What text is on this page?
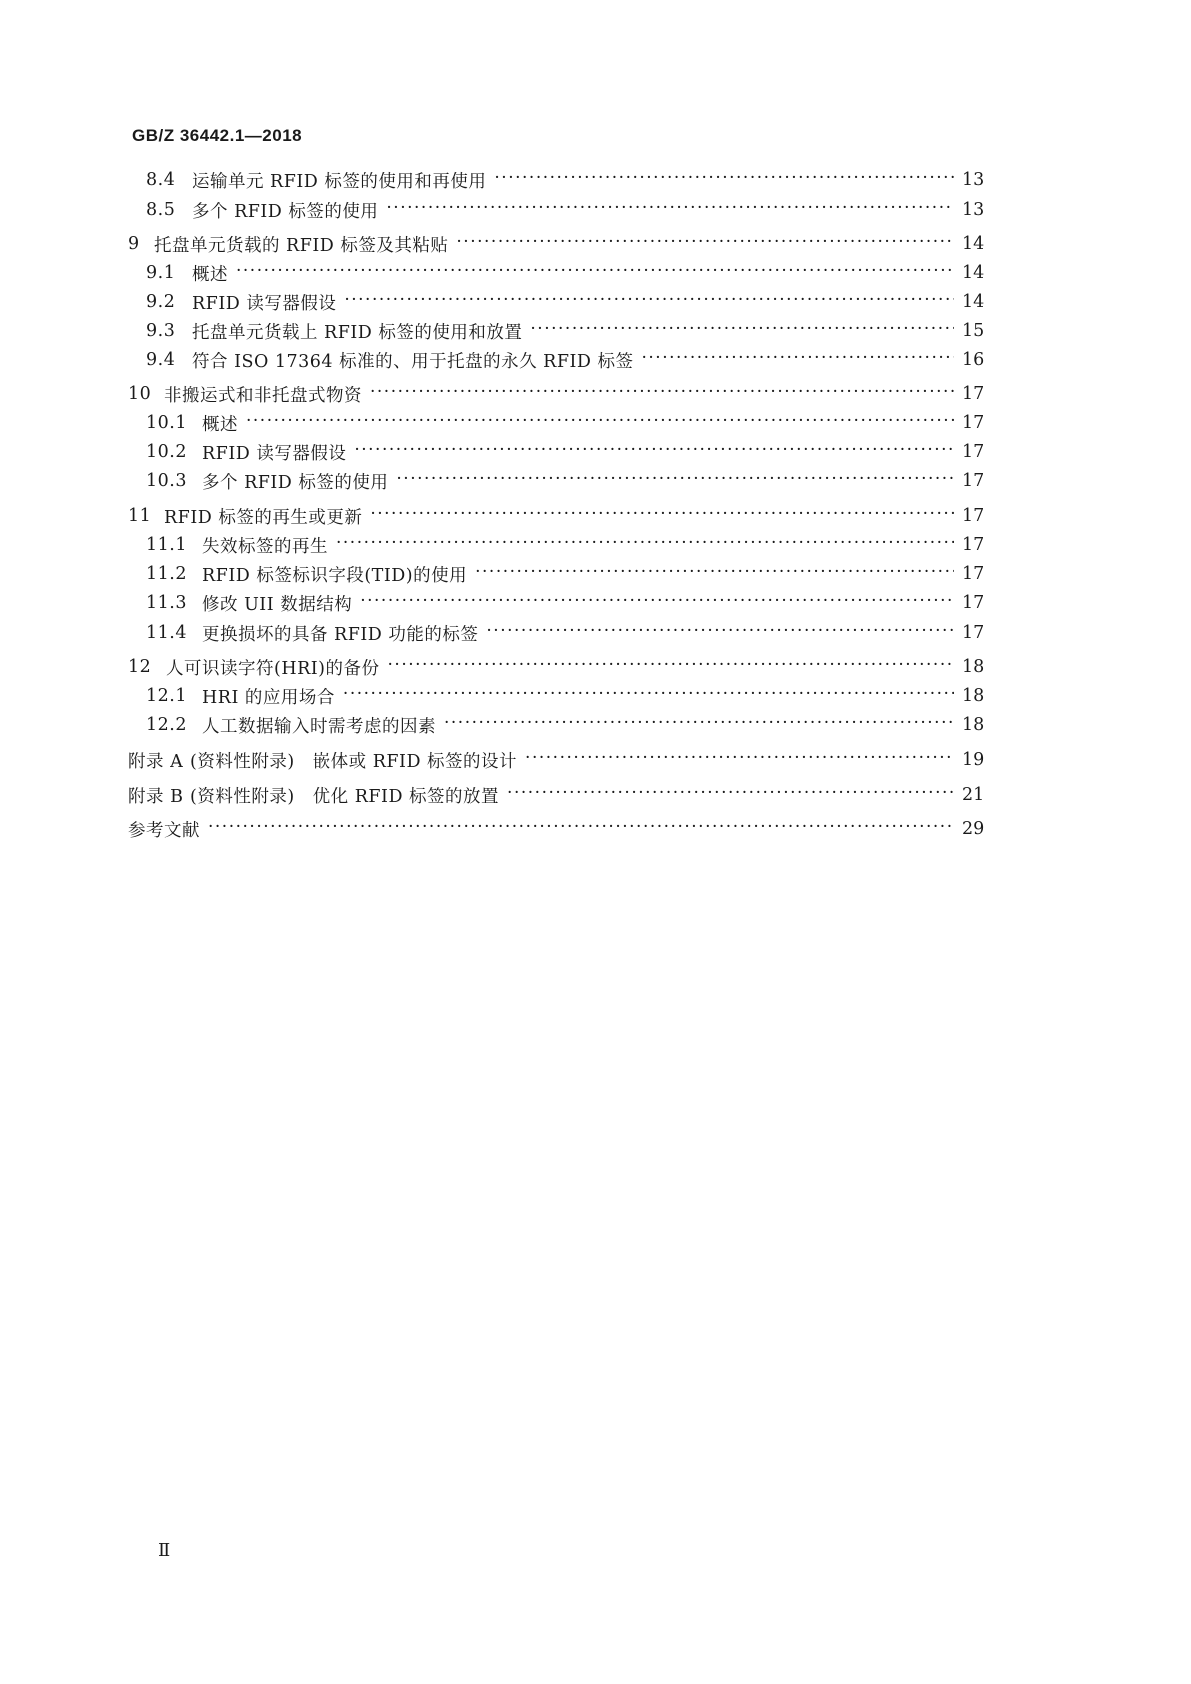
GB/Z 36442.1—2018
8.4 运输单元 RFID 标签的使用和再使用 ·····	13
8.5 多个 RFID 标签的使用 ·····	13
9 托盘单元货载的 RFID 标签及其粘贴 ·····	14
9.1 概述 ·····	14
9.2 RFID 读写器假设 ·····	14
9.3 托盘单元货载上 RFID 标签的使用和放置 ·····	15
9.4 符合 ISO 17364 标准的、用于托盘的永久 RFID 标签 ·····	16
10 非搬运式和非托盘式物资 ·····	17
10.1 概述 ·····	17
10.2 RFID 读写器假设 ·····	17
10.3 多个 RFID 标签的使用 ·····	17
11 RFID 标签的再生或更新 ·····	17
11.1 失效标签的再生 ·····	17
11.2 RFID 标签标识字段(TID)的使用 ·····	17
11.3 修改 UII 数据结构 ·····	17
11.4 更换损坏的具备 RFID 功能的标签 ·····	17
12 人可识读字符(HRI)的备份 ·····	18
12.1 HRI 的应用场合 ·····	18
12.2 人工数据输入时需考虑的因素 ·····	18
附录 A (资料性附录)　嵌体或 RFID 标签的设计 ·····	19
附录 B (资料性附录)　优化 RFID 标签的放置 ·····	21
参考文献 ·····	29
Ⅱ
